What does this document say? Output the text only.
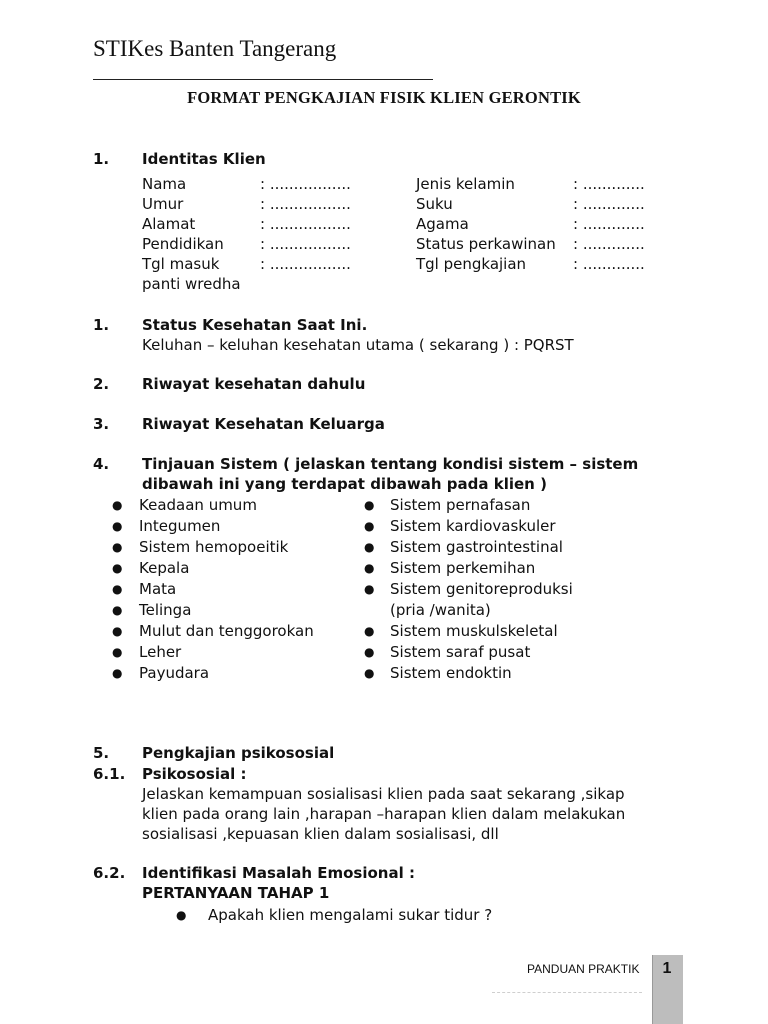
STIKes Banten Tangerang
FORMAT PENGKAJIAN FISIK KLIEN GERONTIK
1. Identitas Klien
Nama
Umur
Alamat
Pendidikan
Tgl masuk
panti wredha
: .................
: .................
: .................
: .................
: .................
Jenis kelamin
Suku
Agama
Status perkawinan
Tgl pengkajian
: .............
: .............
: .............
: .............
: .............
1. Status Kesehatan Saat Ini.
Keluhan – keluhan kesehatan utama ( sekarang ) : PQRST
2. Riwayat kesehatan dahulu
3. Riwayat Kesehatan Keluarga
4. Tinjauan Sistem ( jelaskan tentang kondisi sistem – sistem
dibawah ini yang terdapat dibawah pada klien )
● Keadaan umum
● Integumen
● Sistem hemopoeitik
● Kepala
● Mata
● Telinga
● Mulut dan tenggorokan
● Leher
● Payudara
● Sistem pernafasan
● Sistem kardiovaskuler
● Sistem gastrointestinal
● Sistem perkemihan
● Sistem genitoreproduksi
(pria /wanita)
● Sistem muskulskeletal
● Sistem saraf pusat
● Sistem endoktin
5. Pengkajian psikososial
6.1. Psikososial :
Jelaskan kemampuan sosialisasi klien pada saat sekarang ,sikap
klien pada orang lain ,harapan –harapan klien dalam melakukan
sosialisasi ,kepuasan klien dalam sosialisasi, dll
6.2. Identifikasi Masalah Emosional :
PERTANYAAN TAHAP 1
● Apakah klien mengalami sukar tidur ?
PANDUAN PRAKTIK	1
